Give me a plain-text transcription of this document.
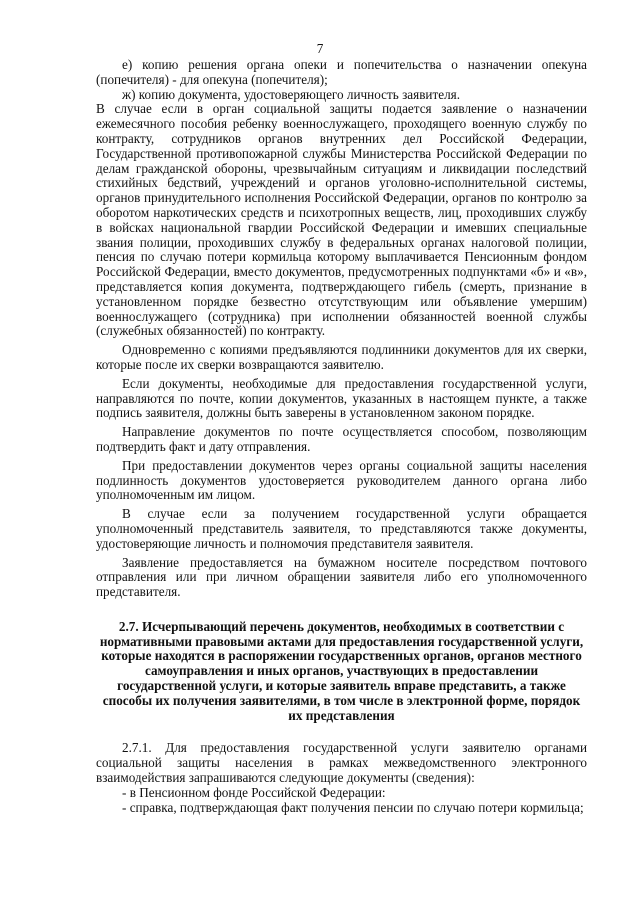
7

е) копию решения органа опеки и попечительства о назначении опекуна (попечителя) - для опекуна (попечителя);

ж) копию документа, удостоверяющего личность заявителя.

В случае если в орган социальной защиты подается заявление о назначении ежемесячного пособия ребенку военнослужащего, проходящего военную службу по контракту, сотрудников органов внутренних дел Российской Федерации, Государственной противопожарной службы Министерства Российской Федерации по делам гражданской обороны, чрезвычайным ситуациям и ликвидации последствий стихийных бедствий, учреждений и органов уголовно-исполнительной системы, органов принудительного исполнения Российской Федерации, органов по контролю за оборотом наркотических средств и психотропных веществ, лиц, проходивших службу в войсках национальной гвардии Российской Федерации и имевших специальные звания полиции, проходивших службу в федеральных органах налоговой полиции, пенсия по случаю потери кормильца которому выплачивается Пенсионным фондом Российской Федерации, вместо документов, предусмотренных подпунктами «б» и «в», представляется копия документа, подтверждающего гибель (смерть, признание в установленном порядке безвестно отсутствующим или объявление умершим) военнослужащего (сотрудника) при исполнении обязанностей военной службы (служебных обязанностей) по контракту.

Одновременно с копиями предъявляются подлинники документов для их сверки, которые после их сверки возвращаются заявителю.

Если документы, необходимые для предоставления государственной услуги, направляются по почте, копии документов, указанных в настоящем пункте, а также подпись заявителя, должны быть заверены в установленном законом порядке.

Направление документов по почте осуществляется способом, позволяющим подтвердить факт и дату отправления.

При предоставлении документов через органы социальной защиты населения подлинность документов удостоверяется руководителем данного органа либо уполномоченным им лицом.

В случае если за получением государственной услуги обращается уполномоченный представитель заявителя, то представляются также документы, удостоверяющие личность и полномочия представителя заявителя.

Заявление предоставляется на бумажном носителе посредством почтового отправления или при личном обращении заявителя либо его уполномоченного представителя.

2.7. Исчерпывающий перечень документов, необходимых в соответствии с нормативными правовыми актами для предоставления государственной услуги, которые находятся в распоряжении государственных органов, органов местного самоуправления и иных органов, участвующих в предоставлении государственной услуги, и которые заявитель вправе представить, а также способы их получения заявителями, в том числе в электронной форме, порядок их представления

2.7.1. Для предоставления государственной услуги заявителю органами социальной защиты населения в рамках межведомственного электронного взаимодействия запрашиваются следующие документы (сведения):

- в Пенсионном фонде Российской Федерации:

- справка, подтверждающая факт получения пенсии по случаю потери кормильца;
